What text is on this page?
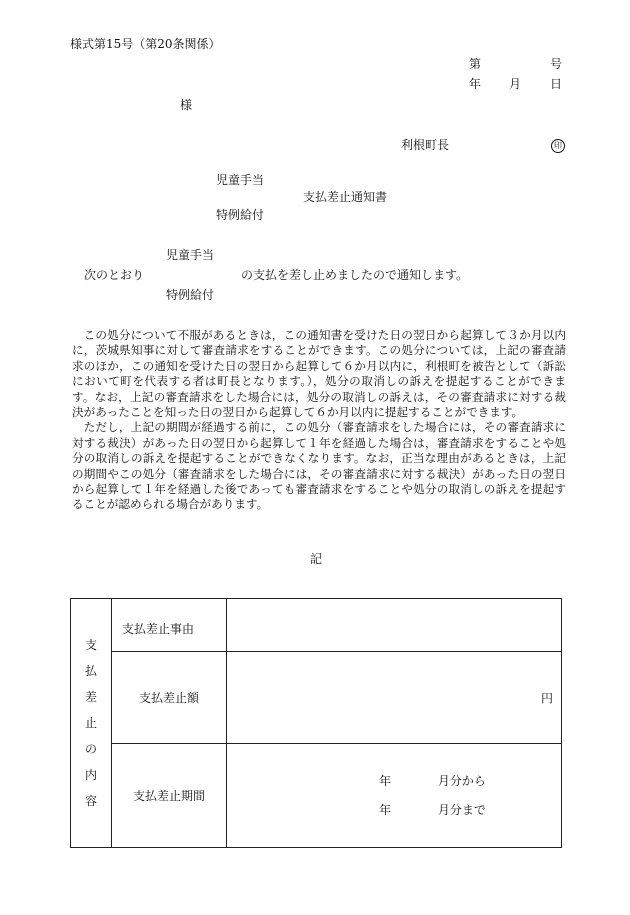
様式第15号（第20条関係）
第	号
年 月 日
様
利根町長	印
児童手当
支払差止通知書
特例給付
児童手当
次のとおり	の支払を差し止めましたので通知します。
特例給付

この処分について不服があるときは，この通知書を受けた日の翌日から起算して３か月以内に，茨城県知事に対して審査請求をすることができます。この処分については，上記の審査請求のほか，この通知を受けた日の翌日から起算して６か月以内に，利根町を被告として（訴訟において町を代表する者は町長となります。），処分の取消しの訴えを提起することができます。なお，上記の審査請求をした場合には，処分の取消しの訴えは，その審査請求に対する裁決があったことを知った日の翌日から起算して６か月以内に提起することができます。

ただし，上記の期間が経過する前に，この処分（審査請求をした場合には，その審査請求に対する裁決）があった日の翌日から起算して１年を経過した場合は，審査請求をすることや処分の取消しの訴えを提起することができなくなります。なお，正当な理由があるときは，上記の期間やこの処分（審査請求をした場合には，その審査請求に対する裁決）があった日の翌日から起算して１年を経過した後であっても審査請求をすることや処分の取消しの訴えを提起することが認められる場合があります。

記
支払差止の内容	支払差止事由	
	支払差止額	円

	支払差止期間	年 月分から
年 月分まで
